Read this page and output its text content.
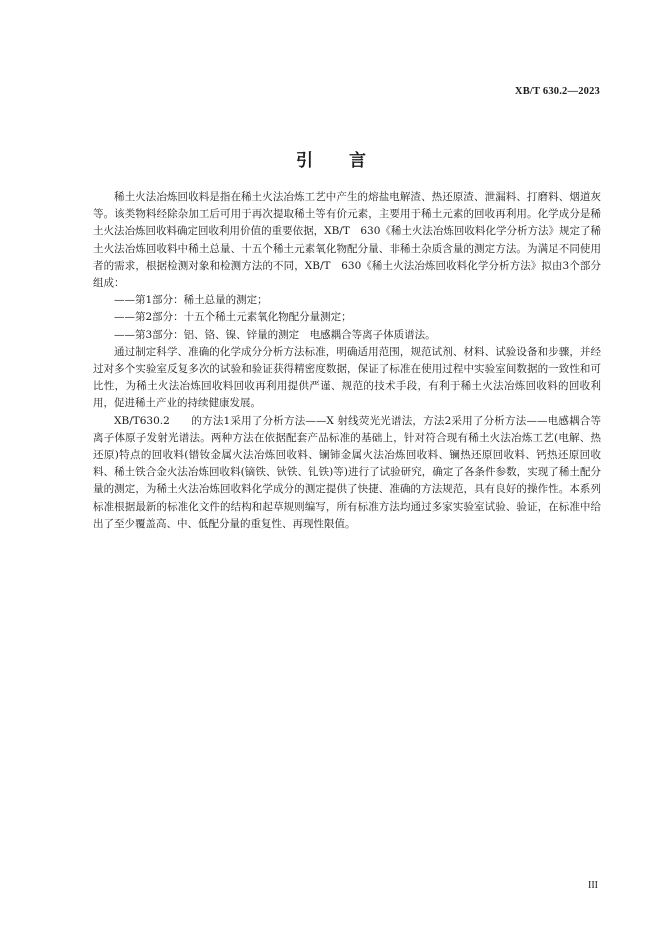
XB/T 630.2—2023
引言

稀土火法冶炼回收料是指在稀土火法冶炼工艺中产生的熔盐电解渣、热还原渣、泄漏料、打磨料、烟道灰等。该类物料经除杂加工后可用于再次提取稀土等有价元素，主要用于稀土元素的回收再利用。化学成分是稀土火法冶炼回收料确定回收利用价值的重要依据，XB/T　630《稀土火法冶炼回收料化学分析方法》规定了稀土火法冶炼回收料中稀土总量、十五个稀土元素氧化物配分量、非稀土杂质含量的测定方法。为满足不同使用者的需求，根据检测对象和检测方法的不同，XB/T　630《稀土火法冶炼回收料化学分析方法》拟由3个部分组成：

——第1部分：稀土总量的测定；

——第2部分：十五个稀土元素氧化物配分量测定；

——第3部分：铝、铬、镍、锌量的测定　电感耦合等离子体质谱法。

通过制定科学、准确的化学成分分析方法标准，明确适用范围，规范试剂、材料、试验设备和步骤，并经过对多个实验室反复多次的试验和验证获得精密度数据，保证了标准在使用过程中实验室间数据的一致性和可比性，为稀土火法冶炼回收料回收再利用提供严谨、规范的技术手段，有利于稀土火法冶炼回收料的回收利用，促进稀土产业的持续健康发展。

XB/T630.2　　的方法1采用了分析方法——X 射线荧光光谱法，方法2采用了分析方法——电感耦合等离子体原子发射光谱法。两种方法在依据配套产品标准的基础上，针对符合现有稀土火法冶炼工艺(电解、热还原)特点的回收料(镨钕金属火法冶炼回收料、镧铈金属火法冶炼回收料、镧热还原回收料、钙热还原回收料、稀土铁合金火法冶炼回收料(镝铁、钬铁、钆铁)等)进行了试验研究，确定了各条件参数，实现了稀土配分量的测定，为稀土火法冶炼回收料化学成分的测定提供了快捷、准确的方法规范，具有良好的操作性。本系列标准根据最新的标准化文件的结构和起草规则编写，所有标准方法均通过多家实验室试验、验证，在标准中给出了至少覆盖高、中、低配分量的重复性、再现性限值。

III
